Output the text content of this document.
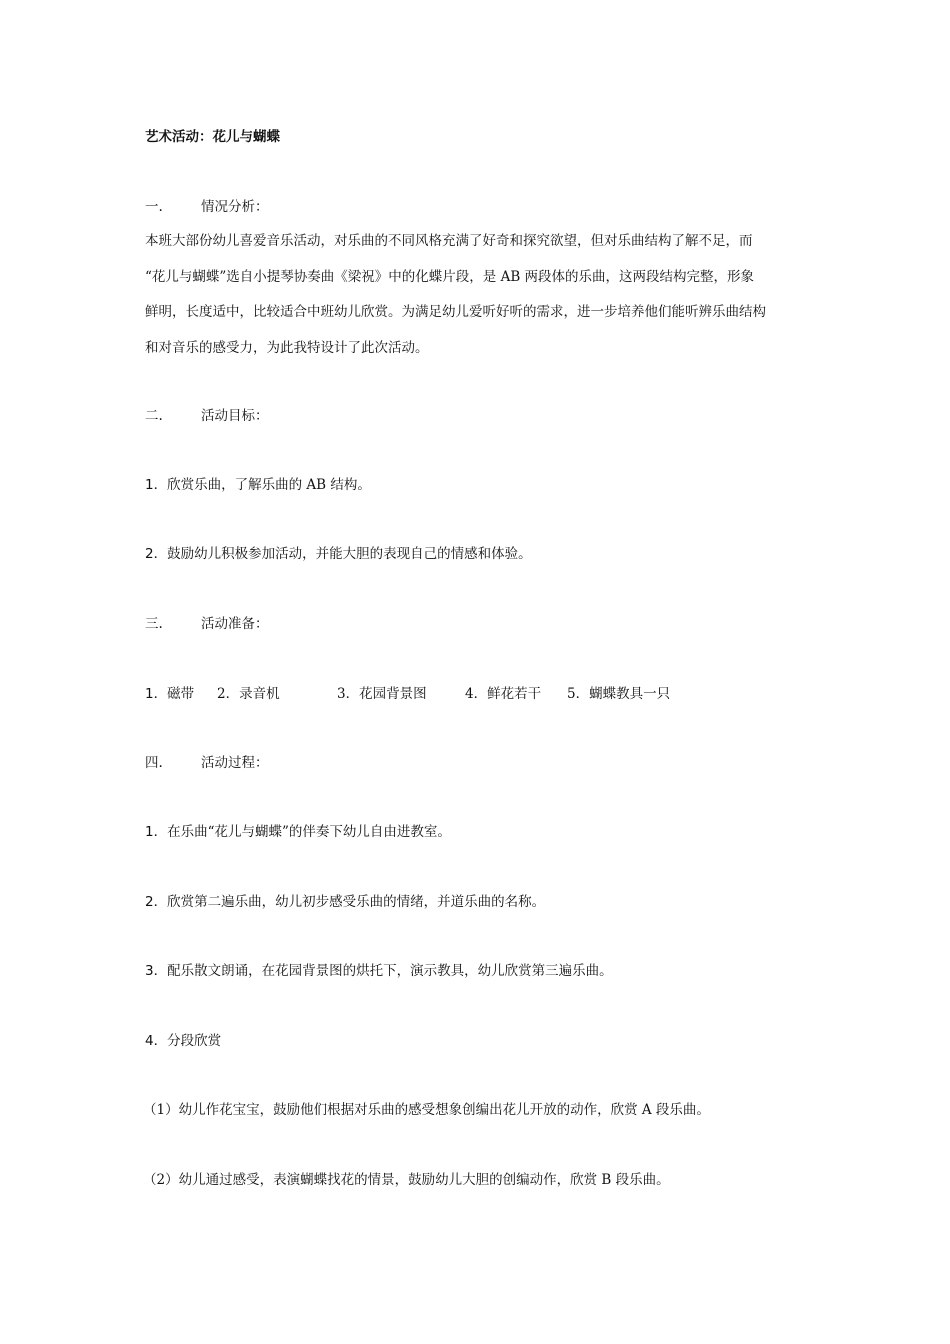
艺术活动：花儿与蝴蝶
一.	情况分析：
本班大部份幼儿喜爱音乐活动，对乐曲的不同风格充满了好奇和探究欲望，但对乐曲结构了解不足，而
“花儿与蝴蝶”选自小提琴协奏曲《梁祝》中的化蝶片段，是 AB 两段体的乐曲，这两段结构完整，形象
鲜明，长度适中，比较适合中班幼儿欣赏。为满足幼儿爱听好听的需求，进一步培养他们能听辨乐曲结构
和对音乐的感受力，为此我特设计了此次活动。
二.	活动目标：
1．欣赏乐曲，了解乐曲的 AB 结构。
2．鼓励幼儿积极参加活动，并能大胆的表现自己的情感和体验。
三.	活动准备：
1．磁带 2．录音机	3．花园背景图	4．鲜花若干 5．蝴蝶教具一只
四.	活动过程：
1．在乐曲“花儿与蝴蝶”的伴奏下幼儿自由进教室。
2．欣赏第二遍乐曲，幼儿初步感受乐曲的情绪，并道乐曲的名称。
3．配乐散文朗诵，在花园背景图的烘托下，演示教具，幼儿欣赏第三遍乐曲。
4．分段欣赏
（1）幼儿作花宝宝，鼓励他们根据对乐曲的感受想象创编出花儿开放的动作，欣赏 A 段乐曲。
（2）幼儿通过感受，表演蝴蝶找花的情景，鼓励幼儿大胆的创编动作，欣赏 B 段乐曲。
